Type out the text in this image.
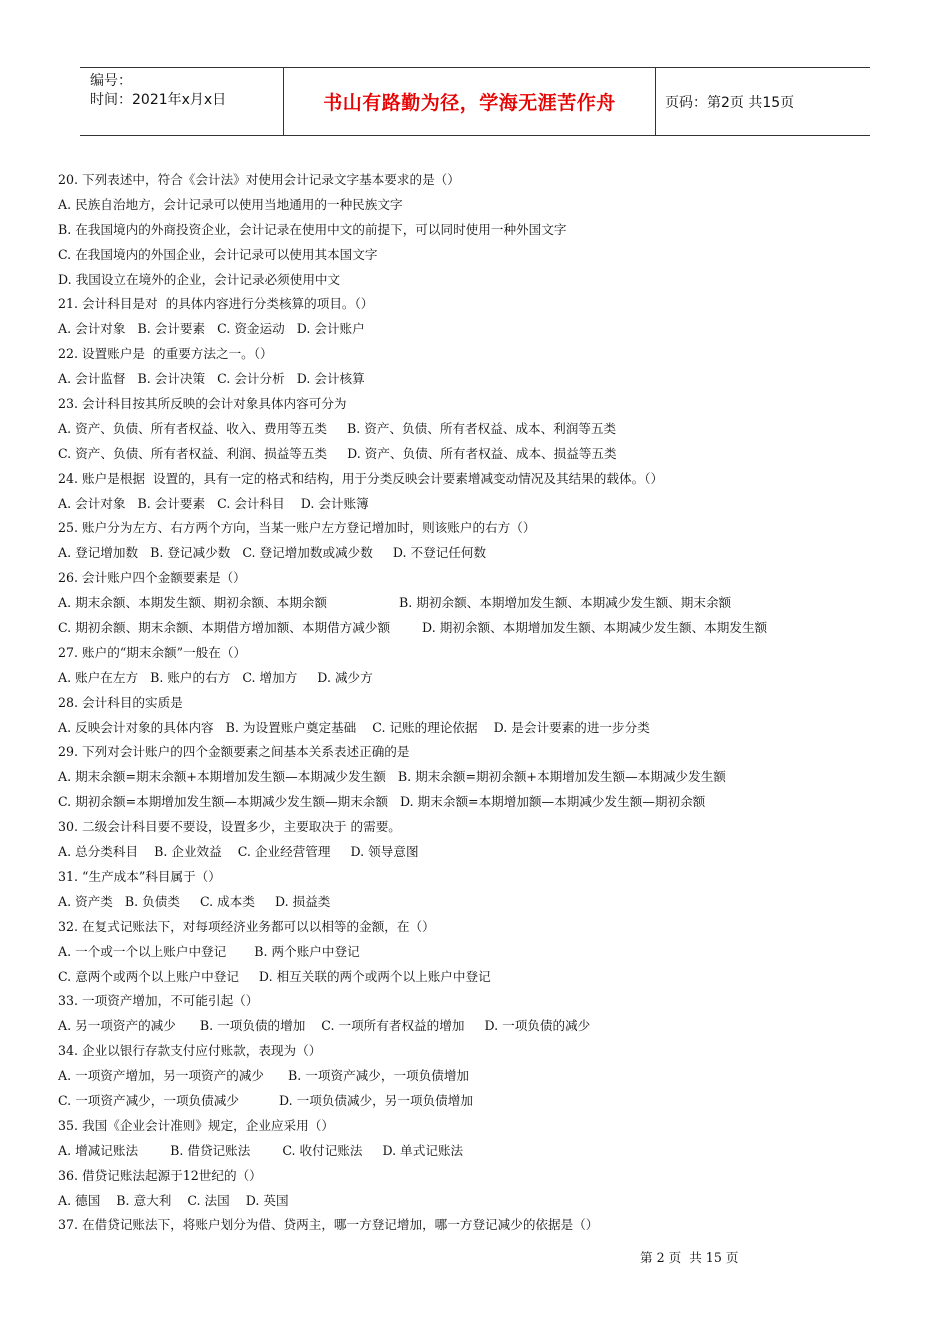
编号：
时间：2021年x月x日	书山有路勤为径，学海无涯苦作舟	页码：第2页 共15页
20. 下列表述中，符合《会计法》对使用会计记录文字基本要求的是（）
A. 民族自治地方，会计记录可以使用当地通用的一种民族文字
B. 在我国境内的外商投资企业，会计记录在使用中文的前提下，可以同时使用一种外国文字
C. 在我国境内的外国企业，会计记录可以使用其本国文字
D. 我国设立在境外的企业，会计记录必须使用中文
21. 会计科目是对  的具体内容进行分类核算的项目。（）
A. 会计对象   B. 会计要素   C. 资金运动   D. 会计账户
22. 设置账户是  的重要方法之一。（）
A. 会计监督   B. 会计决策   C. 会计分析   D. 会计核算
23. 会计科目按其所反映的会计对象具体内容可分为
A. 资产、负债、所有者权益、收入、费用等五类     B. 资产、负债、所有者权益、成本、利润等五类
C. 资产、负债、所有者权益、利润、损益等五类     D. 资产、负债、所有者权益、成本、损益等五类
24. 账户是根据  设置的，具有一定的格式和结构，用于分类反映会计要素增减变动情况及其结果的载体。（）
A. 会计对象   B. 会计要素   C. 会计科目    D. 会计账簿
25. 账户分为左方、右方两个方向，当某一账户左方登记增加时，则该账户的右方（）
A. 登记增加数   B. 登记减少数   C. 登记增加数或减少数     D. 不登记任何数
26. 会计账户四个金额要素是（）
A. 期末余额、本期发生额、期初余额、本期余额                  B. 期初余额、本期增加发生额、本期减少发生额、期末余额
C. 期初余额、期末余额、本期借方增加额、本期借方减少额        D. 期初余额、本期增加发生额、本期减少发生额、本期发生额
27. 账户的“期末余额”一般在（）
A. 账户在左方   B. 账户的右方   C. 增加方     D. 减少方
28. 会计科目的实质是
A. 反映会计对象的具体内容   B. 为设置账户奠定基础    C. 记账的理论依据    D. 是会计要素的进一步分类
29. 下列对会计账户的四个金额要素之间基本关系表述正确的是
A. 期末余额=期末余额+本期增加发生额—本期减少发生额   B. 期末余额=期初余额+本期增加发生额—本期减少发生额
C. 期初余额=本期增加发生额—本期减少发生额—期末余额   D. 期末余额=本期增加额—本期减少发生额—期初余额
30. 二级会计科目要不要设，设置多少，主要取决于 的需要。
A. 总分类科目    B. 企业效益    C. 企业经营管理     D. 领导意图
31. “生产成本”科目属于（）
A. 资产类   B. 负债类     C. 成本类     D. 损益类
32. 在复式记账法下，对每项经济业务都可以以相等的金额，在（）
A. 一个或一个以上账户中登记       B. 两个账户中登记
C. 意两个或两个以上账户中登记     D. 相互关联的两个或两个以上账户中登记
33. 一项资产增加，不可能引起（）
A. 另一项资产的减少      B. 一项负债的增加    C. 一项所有者权益的增加     D. 一项负债的减少
34. 企业以银行存款支付应付账款，表现为（）
A. 一项资产增加，另一项资产的减少      B. 一项资产减少，一项负债增加
C. 一项资产减少，一项负债减少          D. 一项负债减少，另一项负债增加
35. 我国《企业会计准则》规定，企业应采用（）
A. 增减记账法        B. 借贷记账法        C. 收付记账法     D. 单式记账法
36. 借贷记账法起源于12世纪的（）
A. 德国    B. 意大利    C. 法国    D. 英国
37. 在借贷记账法下，将账户划分为借、贷两主，哪一方登记增加，哪一方登记减少的依据是（）
第 2 页  共 15 页
